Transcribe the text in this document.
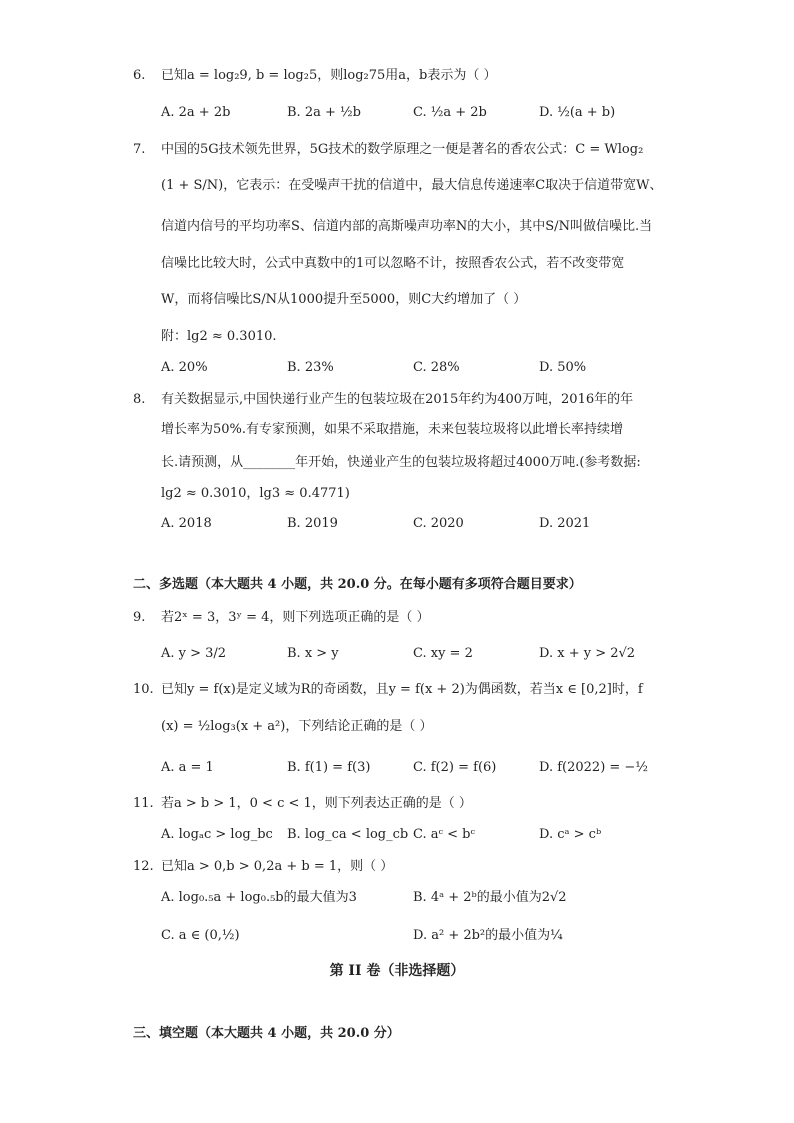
6. 已知a = log₂9, b = log₂5，则log₂75用a，b表示为（ ）
A. 2a + 2b	B. 2a + ½b	C. ½a + 2b	D. ½(a + b)
7. 中国的5G技术领先世界，5G技术的数学原理之一便是著名的香农公式：C = Wlog₂
(1 + S/N)，它表示：在受噪声干扰的信道中，最大信息传递速率C取决于信道带宽W、
信道内信号的平均功率S、信道内部的高斯噪声功率N的大小，其中S/N叫做信噪比.当
信噪比比较大时，公式中真数中的1可以忽略不计，按照香农公式，若不改变带宽
W，而将信噪比S/N从1000提升至5000，则C大约增加了（ ）
附：lg2 ≈ 0.3010.
A. 20%	B. 23%	C. 28%	D. 50%
8. 有关数据显示,中国快递行业产生的包装垃圾在2015年约为400万吨，2016年的年
增长率为50%.有专家预测，如果不采取措施，未来包装垃圾将以此增长率持续增
长.请预测，从________年开始，快递业产生的包装垃圾将超过4000万吨.(参考数据:
lg2 ≈ 0.3010，lg3 ≈ 0.4771)
A. 2018	B. 2019	C. 2020	D. 2021
二、多选题（本大题共 4 小题，共 20.0 分。在每小题有多项符合题目要求）
9. 若2ˣ = 3，3ʸ = 4，则下列选项正确的是（ ）
A. y > 3/2	B. x > y	C. xy = 2	D. x + y > 2√2
10. 已知y = f(x)是定义域为R的奇函数，且y = f(x + 2)为偶函数，若当x ∈ [0,2]时，f
(x) = ½log₃(x + a²)，下列结论正确的是（ ）
A. a = 1	B. f(1) = f(3)	C. f(2) = f(6)	D. f(2022) = −½
11. 若a > b > 1，0 < c < 1，则下列表达正确的是（ ）
A. logₐc > log_bc B. log_ca < log_cb C. aᶜ < bᶜ	D. cᵃ > cᵇ
12. 已知a > 0,b > 0,2a + b = 1，则（ ）
A. log₀.₅a + log₀.₅b的最大值为3	B. 4ᵃ + 2ᵇ的最小值为2√2
C. a ∈ (0,½)	D. a² + 2b²的最小值为¼
第 II 卷（非选择题）
三、填空题（本大题共 4 小题，共 20.0 分）
